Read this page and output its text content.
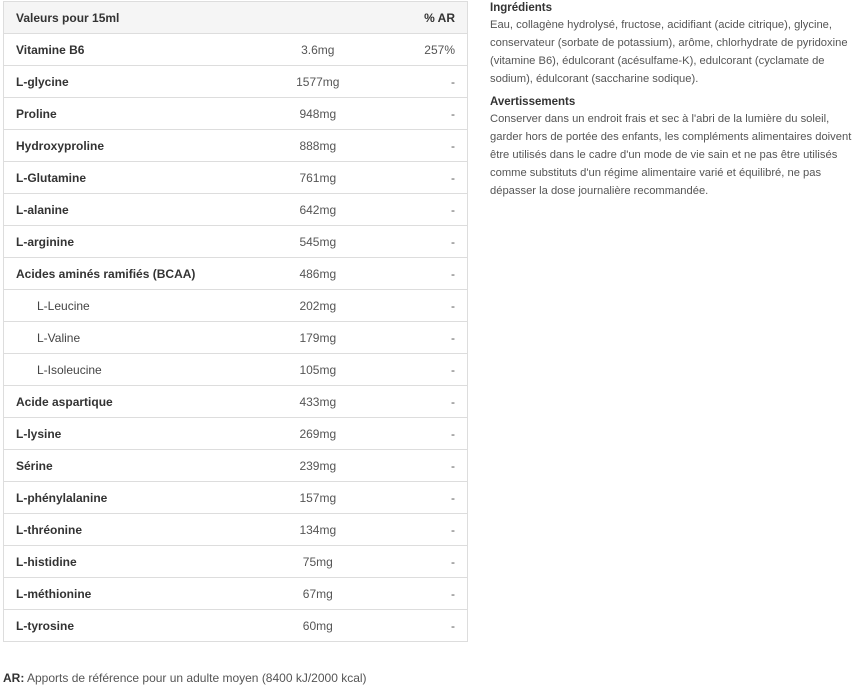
Valeurs pour 15ml		% AR
Vitamine B6	3.6mg	257%
L-glycine	1577mg	-
Proline	948mg	-
Hydroxyproline	888mg	-
L-Glutamine	761mg	-
L-alanine	642mg	-
L-arginine	545mg	-
Acides aminés ramifiés (BCAA)	486mg	-
L-Leucine	202mg	-
L-Valine	179mg	-
L-Isoleucine	105mg	-
Acide aspartique	433mg	-
L-lysine	269mg	-
Sérine	239mg	-
L-phénylalanine	157mg	-
L-thréonine	134mg	-
L-histidine	75mg	-
L-méthionine	67mg	-
L-tyrosine	60mg	-
AR: Apports de référence pour un adulte moyen (8400 kJ/2000 kcal)
Ingrédients

Eau, collagène hydrolysé, fructose, acidifiant (acide citrique), glycine, conservateur (sorbate de potassium), arôme, chlorhydrate de pyridoxine (vitamine B6), édulcorant (acésulfame-K), edulcorant (cyclamate de sodium), édulcorant (saccharine sodique).

Avertissements

Conserver dans un endroit frais et sec à l'abri de la lumière du soleil, garder hors de portée des enfants, les compléments alimentaires doivent être utilisés dans le cadre d'un mode de vie sain et ne pas être utilisés comme substituts d'un régime alimentaire varié et équilibré, ne pas dépasser la dose journalière recommandée.
